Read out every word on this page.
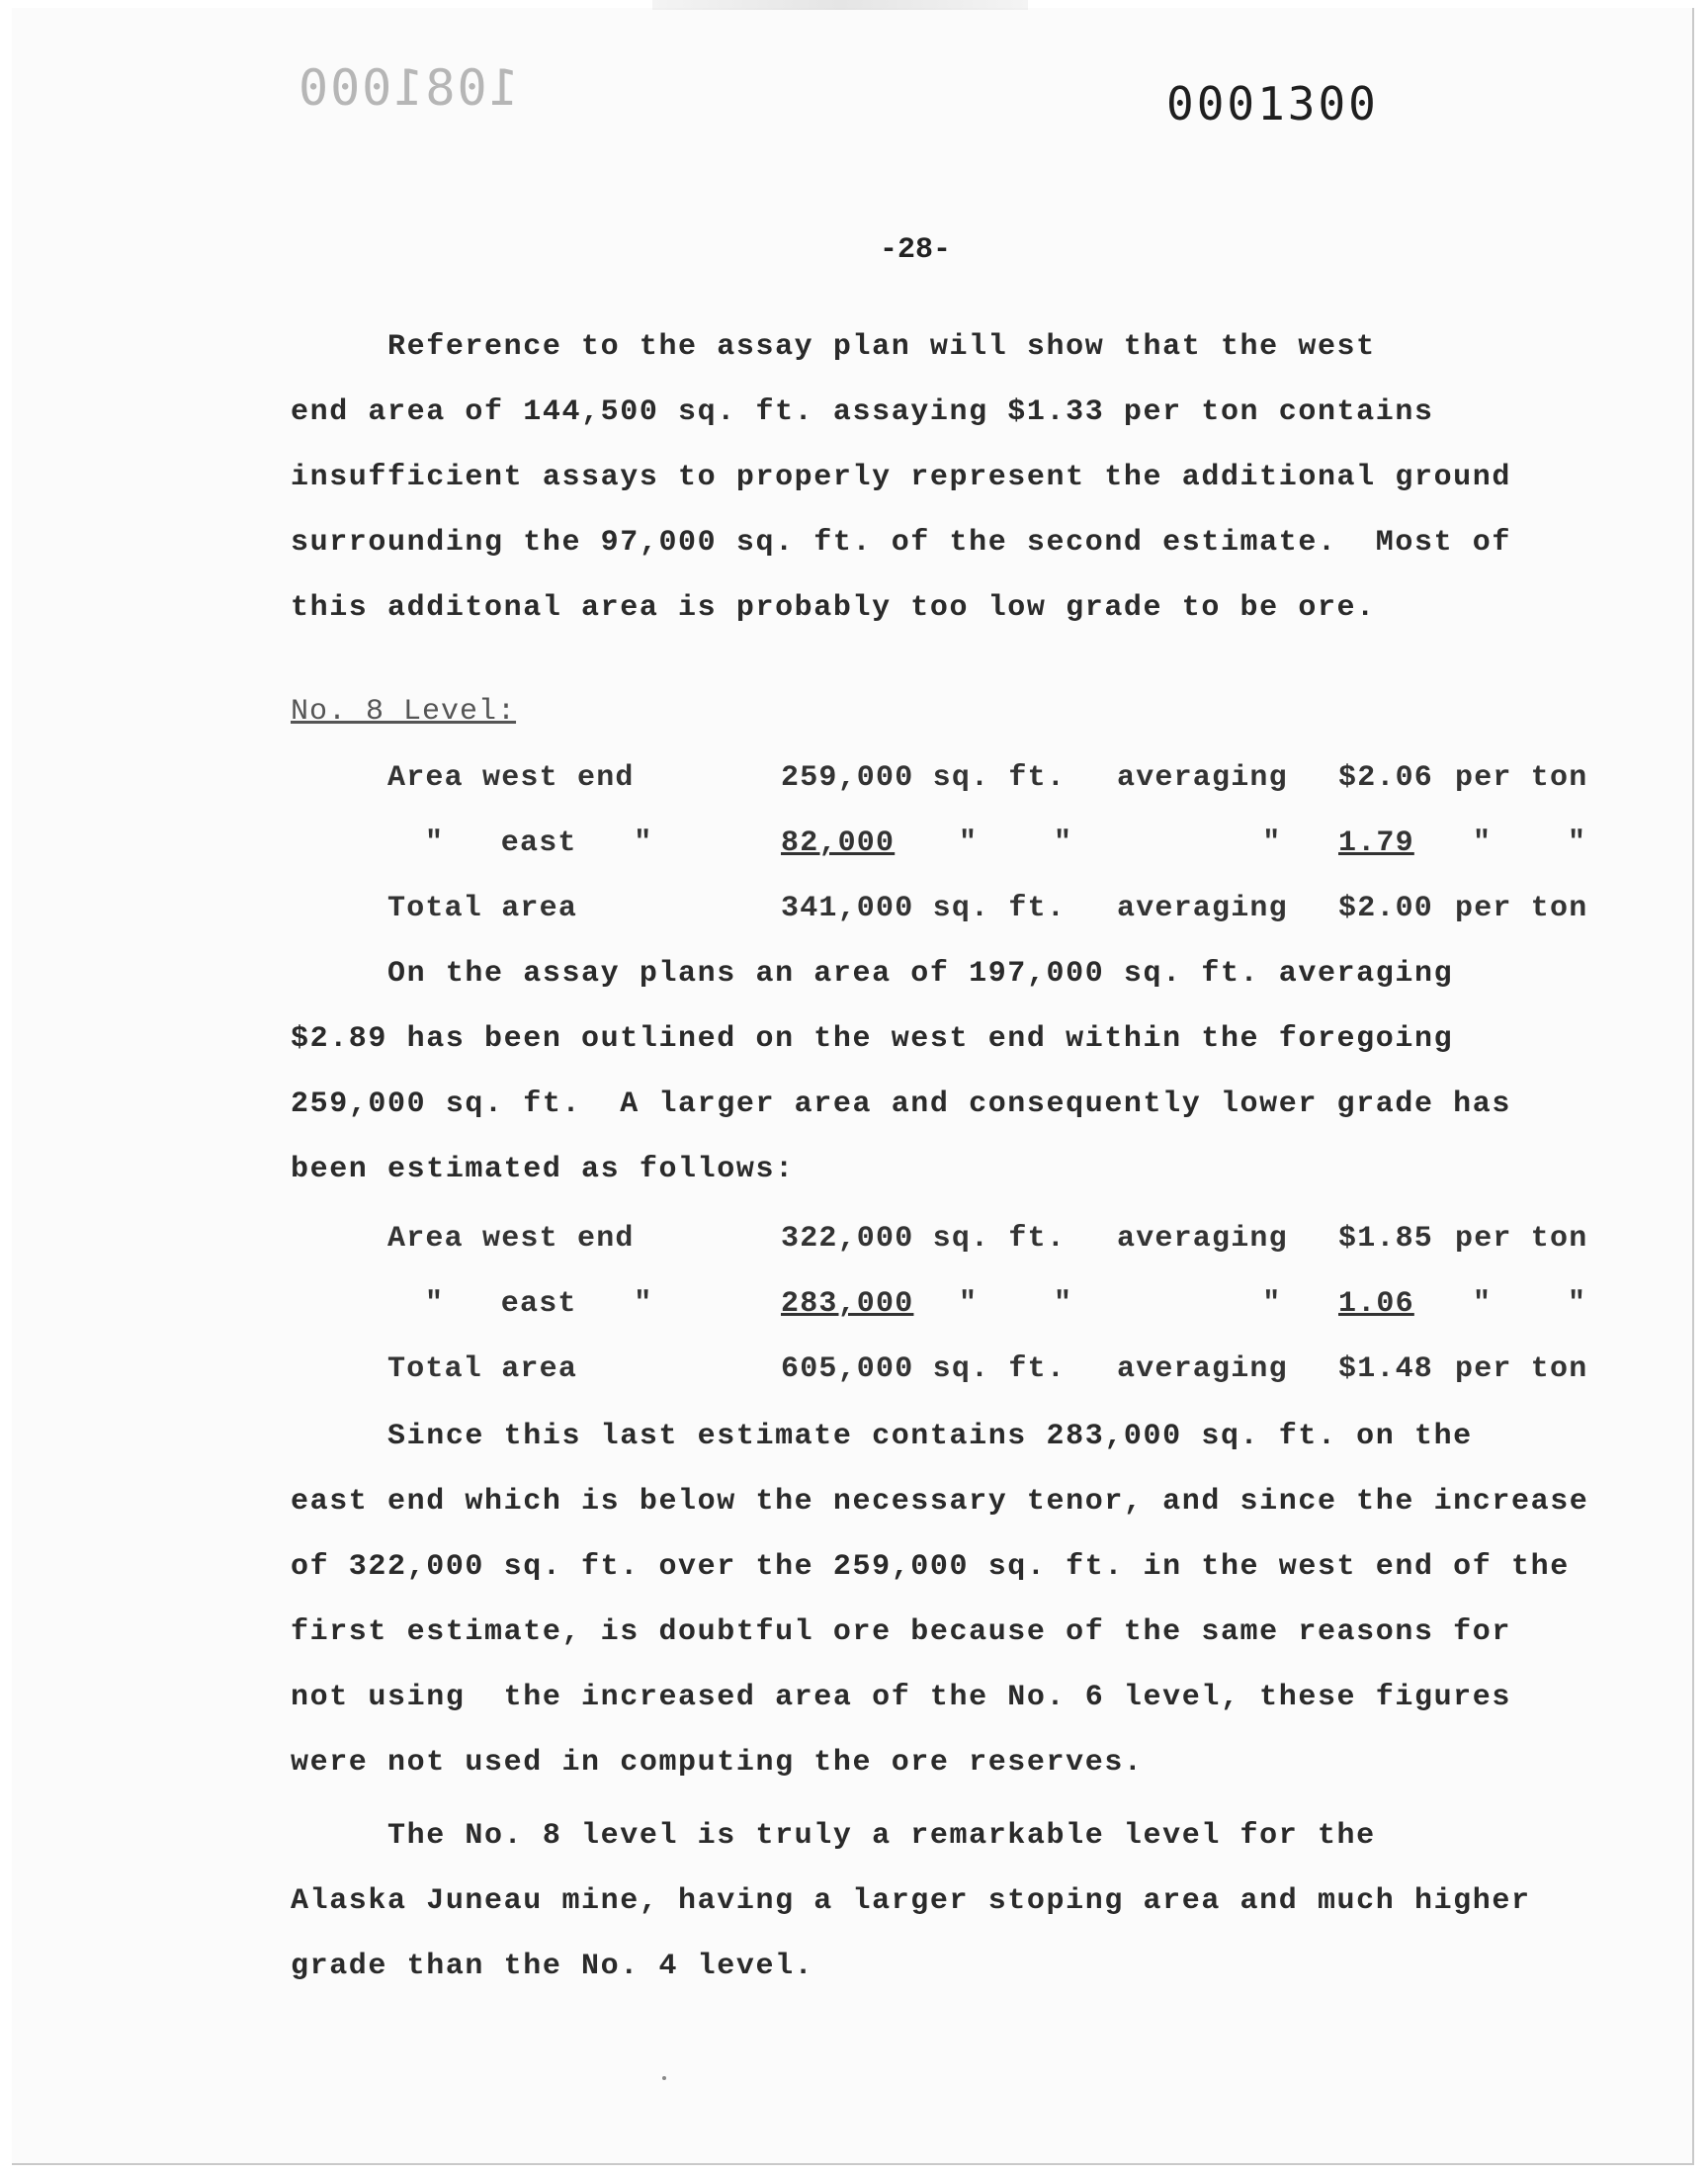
1081000	0001300
-28-
Reference to the assay plan will show that the west
end area of 144,500 sq. ft. assaying $1.33 per ton contains
insufficient assays to properly represent the additional ground
surrounding the 97,000 sq. ft. of the second estimate.  Most of
this additonal area is probably too low grade to be ore.
No. 8 Level:
Area west end	259,000 sq. ft. averaging $2.06 per ton
"   east   "	82,000 "    "          " 1.79 "    "
Total area	341,000 sq. ft. averaging $2.00 per ton
On the assay plans an area of 197,000 sq. ft. averaging
$2.89 has been outlined on the west end within the foregoing
259,000 sq. ft.  A larger area and consequently lower grade has
been estimated as follows:
Area west end	322,000 sq. ft. averaging $1.85 per ton
"   east   "	283,000 "    "          " 1.06 "    "
Total area	605,000 sq. ft. averaging $1.48 per ton
Since this last estimate contains 283,000 sq. ft. on the
east end which is below the necessary tenor, and since the increase
of 322,000 sq. ft. over the 259,000 sq. ft. in the west end of the
first estimate, is doubtful ore because of the same reasons for
not using  the increased area of the No. 6 level, these figures
were not used in computing the ore reserves.
The No. 8 level is truly a remarkable level for the
Alaska Juneau mine, having a larger stoping area and much higher
grade than the No. 4 level.
